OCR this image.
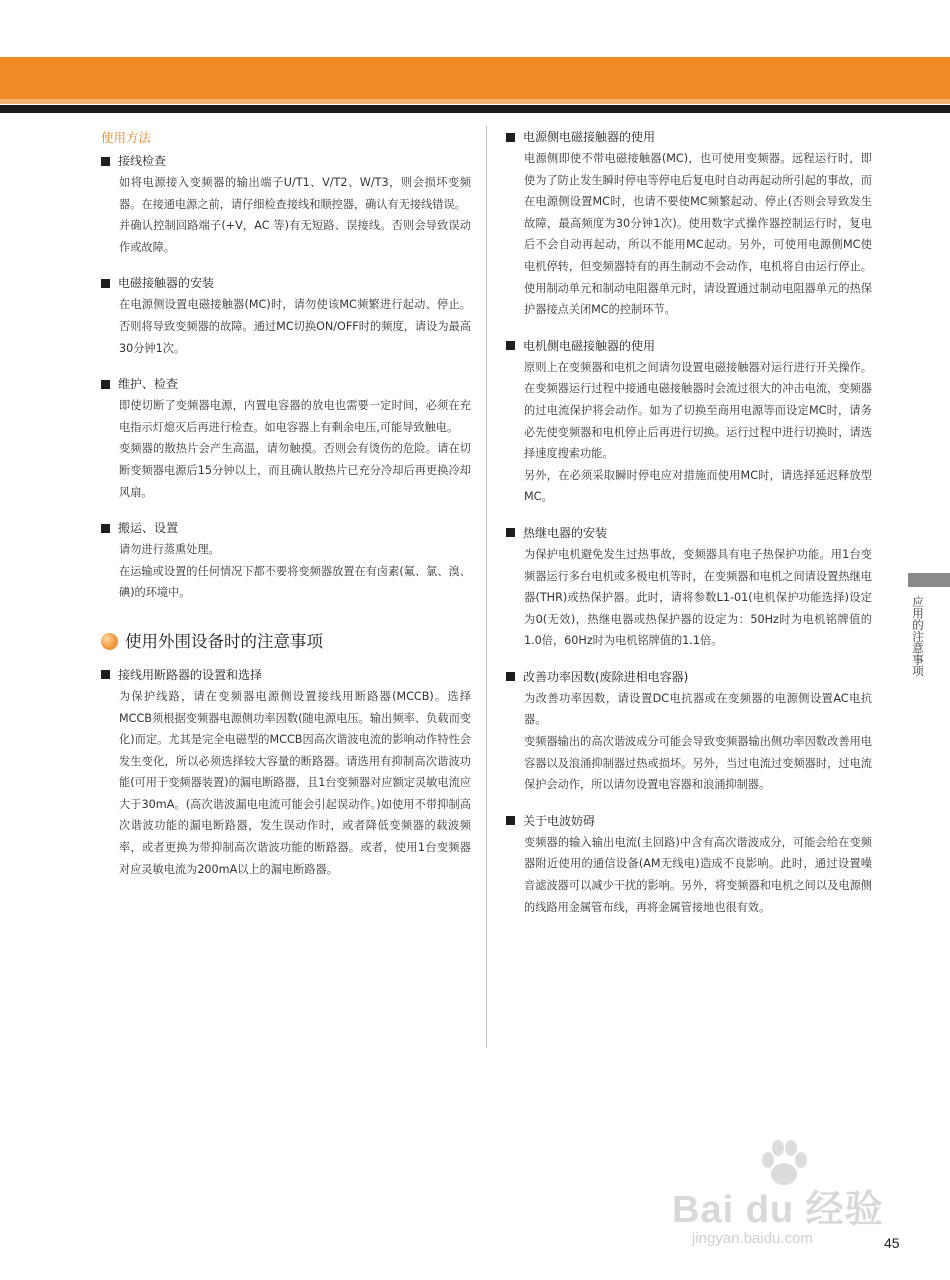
使用方法
接线检查

如将电源接入变频器的输出端子U/T1、V/T2、W/T3，则会损坏变频器。在接通电源之前，请仔细检查接线和顺控器，确认有无接线错误。

并确认控制回路端子(+V，AC 等)有无短路、误接线。否则会导致误动作或故障。

电磁接触器的安装

在电源侧设置电磁接触器(MC)时，请勿使该MC频繁进行起动、停止。否则将导致变频器的故障。通过MC切换ON/OFF时的频度，请设为最高30分钟1次。

维护、检查

即使切断了变频器电源，内置电容器的放电也需要一定时间，必须在充电指示灯熄灭后再进行检查。如电容器上有剩余电压,可能导致触电。

变频器的散热片会产生高温，请勿触摸。否则会有烫伤的危险。请在切断变频器电源后15分钟以上，而且确认散热片已充分冷却后再更换冷却风扇。

搬运、设置

请勿进行蒸熏处理。

在运输或设置的任何情况下都不要将变频器放置在有卤素(氟、氯、溴、碘)的环境中。

使用外围设备时的注意事项
接线用断路器的设置和选择

为保护线路，请在变频器电源侧设置接线用断路器(MCCB)。选择MCCB须根据变频器电源侧功率因数(随电源电压。输出频率、负载而变化)而定。尤其是完全电磁型的MCCB因高次谐波电流的影响动作特性会发生变化，所以必须选择较大容量的断路器。请选用有抑制高次谐波功能(可用于变频器装置)的漏电断路器，且1台变频器对应额定灵敏电流应大于30mA。(高次谐波漏电电流可能会引起误动作。)如使用不带抑制高次谐波功能的漏电断路器，发生误动作时，或者降低变频器的载波频率，或者更换为带抑制高次谐波功能的断路器。或者，使用1台变频器对应灵敏电流为200mA以上的漏电断路器。

电源侧电磁接触器的使用

电源侧即使不带电磁接触器(MC)，也可使用变频器。远程运行时，即使为了防止发生瞬时停电等停电后复电时自动再起动所引起的事故，而在电源侧设置MC时，也请不要使MC频繁起动、停止(否则会导致发生故障，最高频度为30分钟1次)。使用数字式操作器控制运行时，复电后不会自动再起动，所以不能用MC起动。另外，可使用电源侧MC使电机停转，但变频器特有的再生制动不会动作，电机将自由运行停止。使用制动单元和制动电阻器单元时，请设置通过制动电阻器单元的热保护器接点关闭MC的控制环节。

电机侧电磁接触器的使用

原则上在变频器和电机之间请勿设置电磁接触器对运行进行开关操作。在变频器运行过程中接通电磁接触器时会流过很大的冲击电流，变频器的过电流保护将会动作。如为了切换至商用电源等而设定MC时，请务必先使变频器和电机停止后再进行切换。运行过程中进行切换时，请选择速度搜索功能。

另外，在必须采取瞬时停电应对措施而使用MC时，请选择延迟释放型MC。

热继电器的安装

为保护电机避免发生过热事故，变频器具有电子热保护功能。用1台变频器运行多台电机或多极电机等时，在变频器和电机之间请设置热继电器(THR)或热保护器。此时，请将参数L1-01(电机保护功能选择)设定为0(无效)，热继电器或热保护器的设定为：50Hz时为电机铭牌值的1.0倍，60Hz时为电机铭牌值的1.1倍。

改善功率因数(废除进相电容器)

为改善功率因数，请设置DC电抗器或在变频器的电源侧设置AC电抗器。

变频器输出的高次谐波成分可能会导致变频器输出侧功率因数改善用电容器以及浪涌抑制器过热或损坏。另外，当过电流过变频器时，过电流保护会动作，所以请勿设置电容器和浪涌抑制器。

关于电波妨碍

变频器的输入输出电流(主回路)中含有高次谐波成分，可能会给在变频器附近使用的通信设备(AM无线电)造成不良影响。此时，通过设置噪音滤波器可以减少干扰的影响。另外，将变频器和电机之间以及电源侧的线路用金属管布线，再将金属管接地也很有效。

应用的注意事项
Bai du 经验
jingyan.baidu.com	45
